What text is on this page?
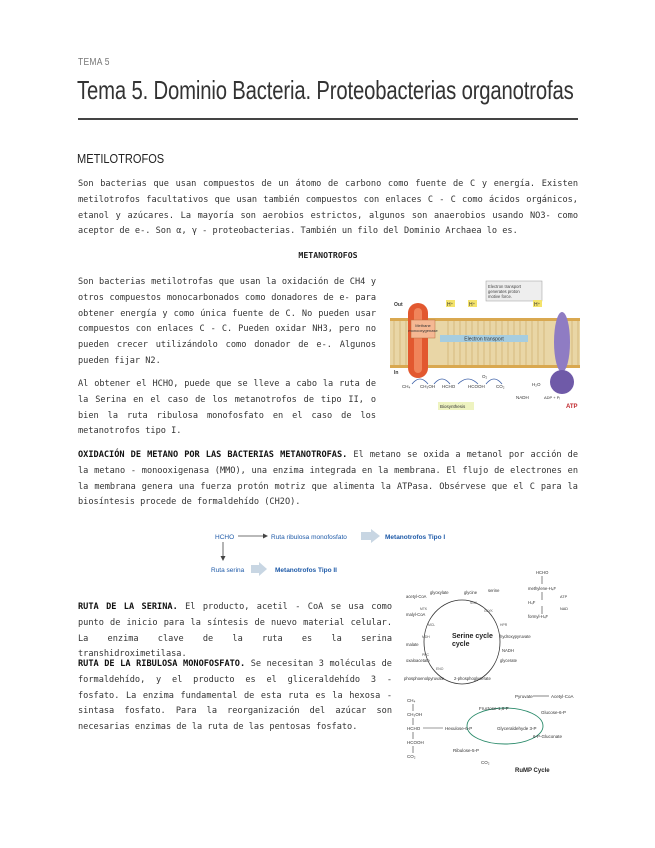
TEMA 5
Tema 5. Dominio Bacteria. Proteobacterias organotrofas
METILOTROFOS
Son bacterias que usan compuestos de un átomo de carbono como fuente de C y energía. Existen metilotrofos facultativos que usan también compuestos con enlaces C - C como ácidos orgánicos, etanol y azúcares. La mayoría son aerobios estrictos, algunos son anaerobios usando NO3- como aceptor de e-. Son α, γ - proteobacterias. También un filo del Dominio Archaea lo es.
METANOTROFOS
Son bacterias metilotrofas que usan la oxidación de CH4 y otros compuestos monocarbonados como donadores de e- para obtener energía y como única fuente de C. No pueden usar compuestos con enlaces C - C. Pueden oxidar NH3, pero no pueden crecer utilizándolo como donador de e-. Algunos pueden fijar N2.
Al obtener el HCHO, puede que se lleve a cabo la ruta de la Serina en el caso de los metanotrofos de tipo II, o bien la ruta ribulosa monofosfato en el caso de los metanotrofos tipo I.
Methane
monooxygenase
Electron transport
Electron transport
generates proton
motive force.
H⁺	H⁺	H⁺
Out
In
ATP
ADP + Pᵢ
CH₄ CH₃OH HCHO	HCOOH	CO₂
Biosynthesis
NADH
H₂O
O₂
OXIDACIÓN DE METANO POR LAS BACTERIAS METANOTROFAS. El metano se oxida a metanol por acción de la metano - monooxigenasa (MMO), una enzima integrada en la membrana. El flujo de electrones en la membrana genera una fuerza protón motriz que alimenta la ATPasa. Obsérvese que el C para la biosíntesis procede de formaldehído (CH2O).
HCHO	Ruta ribulosa monofosfato	Metanotrofos Tipo I
Ruta serina	Metanotrofos Tipo II
Serine cycle
cycle
HCHO
methylene-H₄F
H₄F
formyl-H₄F
serine
glycine
glyoxylate
acetyl-CoA
malyl-CoA
malate
oxaloacetate
phosphoenolpyruvate 2-phosphoglycerate
glycerate
hydroxypyruvate
NADH
ATP
NAD
SGA
GLYK
HPR
MTK
MCL
ENO
PPC
MDH
CH₄
CH₃OH
HCHO
HCOOH
CO₂
Pyruvate	Acetyl-CoA
Fructose-1,6-P
Glucose-6-P
Glyceraldehyde 3-P
Hexulose-6-P
Ribulose-5-P
6-P-Gluconate
CO₂
RuMP Cycle
RUTA DE LA SERINA. El producto, acetil - CoA se usa como punto de inicio para la síntesis de nuevo material celular. La enzima clave de la ruta es la serina transhidroximetilasa.
RUTA DE LA RIBULOSA MONOFOSFATO. Se necesitan 3 moléculas de formaldehído, y el producto es el gliceraldehído 3 - fosfato. La enzima fundamental de esta ruta es la hexosa - sintasa fosfato. Para la reorganización del azúcar son necesarias enzimas de la ruta de las pentosas fosfato.
